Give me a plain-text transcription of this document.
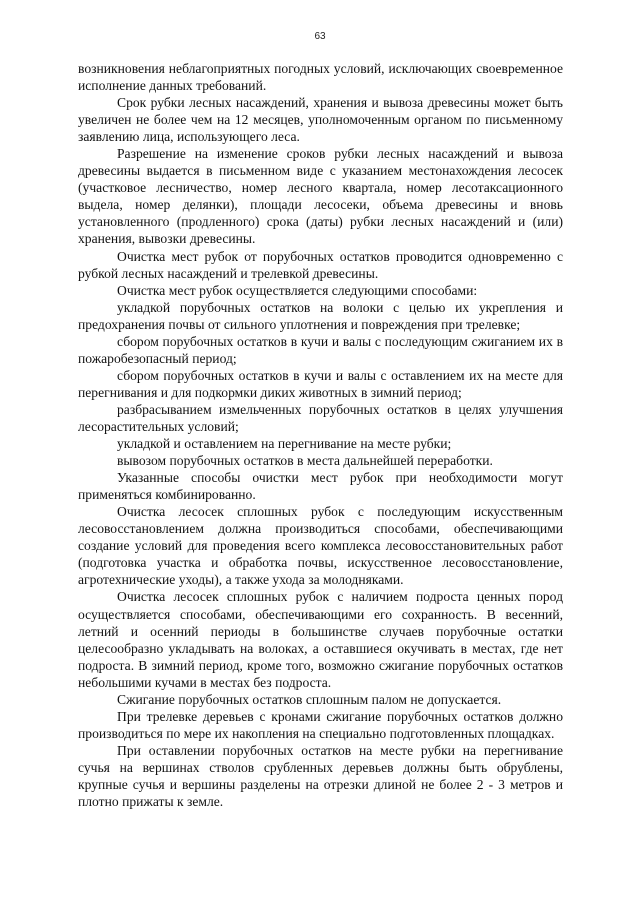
63

возникновения неблагоприятных погодных условий, исключающих своевременное исполнение данных требований.

Срок рубки лесных насаждений, хранения и вывоза древесины может быть увеличен не более чем на 12 месяцев, уполномоченным органом по письменному заявлению лица, использующего леса.

Разрешение на изменение сроков рубки лесных насаждений и вывоза древесины выдается в письменном виде с указанием местонахождения лесосек (участковое лесничество, номер лесного квартала, номер лесотаксационного выдела, номер делянки), площади лесосеки, объема древесины и вновь установленного (продленного) срока (даты) рубки лесных насаждений и (или) хранения, вывозки древесины.

Очистка мест рубок от порубочных остатков проводится одновременно с рубкой лесных насаждений и трелевкой древесины.

Очистка мест рубок осуществляется следующими способами:

укладкой порубочных остатков на волоки с целью их укрепления и предохранения почвы от сильного уплотнения и повреждения при трелевке;

сбором порубочных остатков в кучи и валы с последующим сжиганием их в пожаробезопасный период;

сбором порубочных остатков в кучи и валы с оставлением их на месте для перегнивания и для подкормки диких животных в зимний период;

разбрасыванием измельченных порубочных остатков в целях улучшения лесорастительных условий;

укладкой и оставлением на перегнивание на месте рубки;

вывозом порубочных остатков в места дальнейшей переработки.

Указанные способы очистки мест рубок при необходимости могут применяться комбинированно.

Очистка лесосек сплошных рубок с последующим искусственным лесовосстановлением должна производиться способами, обеспечивающими создание условий для проведения всего комплекса лесовосстановительных работ (подготовка участка и обработка почвы, искусственное лесовосстановление, агротехнические уходы), а также ухода за молодняками.

Очистка лесосек сплошных рубок с наличием подроста ценных пород осуществляется способами, обеспечивающими его сохранность. В весенний, летний и осенний периоды в большинстве случаев порубочные остатки целесообразно укладывать на волоках, а оставшиеся окучивать в местах, где нет подроста. В зимний период, кроме того, возможно сжигание порубочных остатков небольшими кучами в местах без подроста.

Сжигание порубочных остатков сплошным палом не допускается.

При трелевке деревьев с кронами сжигание порубочных остатков должно производиться по мере их накопления на специально подготовленных площадках.

При оставлении порубочных остатков на месте рубки на перегнивание сучья на вершинах стволов срубленных деревьев должны быть обрублены, крупные сучья и вершины разделены на отрезки длиной не более 2 - 3 метров и плотно прижаты к земле.
